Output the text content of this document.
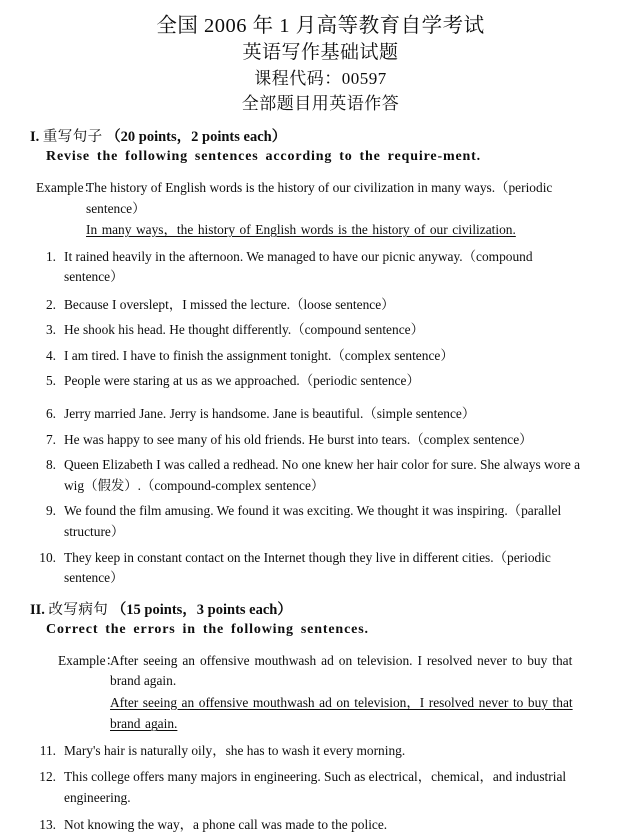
全国 2006 年 1 月高等教育自学考试
英语写作基础试题
课程代码：00597
全部题目用英语作答
I. 重写句子 （20 points，2 points each）
Revise the following sentences according to the require-ment.
Example：
The history of English words is the history of our civilization in many ways.（periodic
sentence）
In many ways，the history of English words is the history of our civilization.
1. It rained heavily in the afternoon. We managed to have our picnic anyway.（compound sentence）
2. Because I overslept，I missed the lecture.（loose sentence）
3. He shook his head. He thought differently.（compound sentence）
4. I am tired. I have to finish the assignment tonight.（complex sentence）
5. People were staring at us as we approached.（periodic sentence）
6. Jerry married Jane. Jerry is handsome. Jane is beautiful.（simple sentence）
7. He was happy to see many of his old friends. He burst into tears.（complex sentence）
8. Queen Elizabeth I was called a redhead. No one knew her hair color for sure. She always wore a wig（假发）.（compound-complex sentence）
9. We found the film amusing. We found it was exciting. We thought it was inspiring.（parallel structure）
10. They keep in constant contact on the Internet though they live in different cities.（periodic sentence）
II. 改写病句 （15 points，3 points each）
Correct the errors in the following sentences.
Example：
After seeing an offensive mouthwash ad on television. I resolved never to buy that
brand again.
After seeing an offensive mouthwash ad on television，I resolved never to buy that
brand again.
11. Mary's hair is naturally oily，she has to wash it every morning.
12. This college offers many majors in engineering. Such as electrical，chemical，and industrial engineering.
13. Not knowing the way，a phone call was made to the police.
